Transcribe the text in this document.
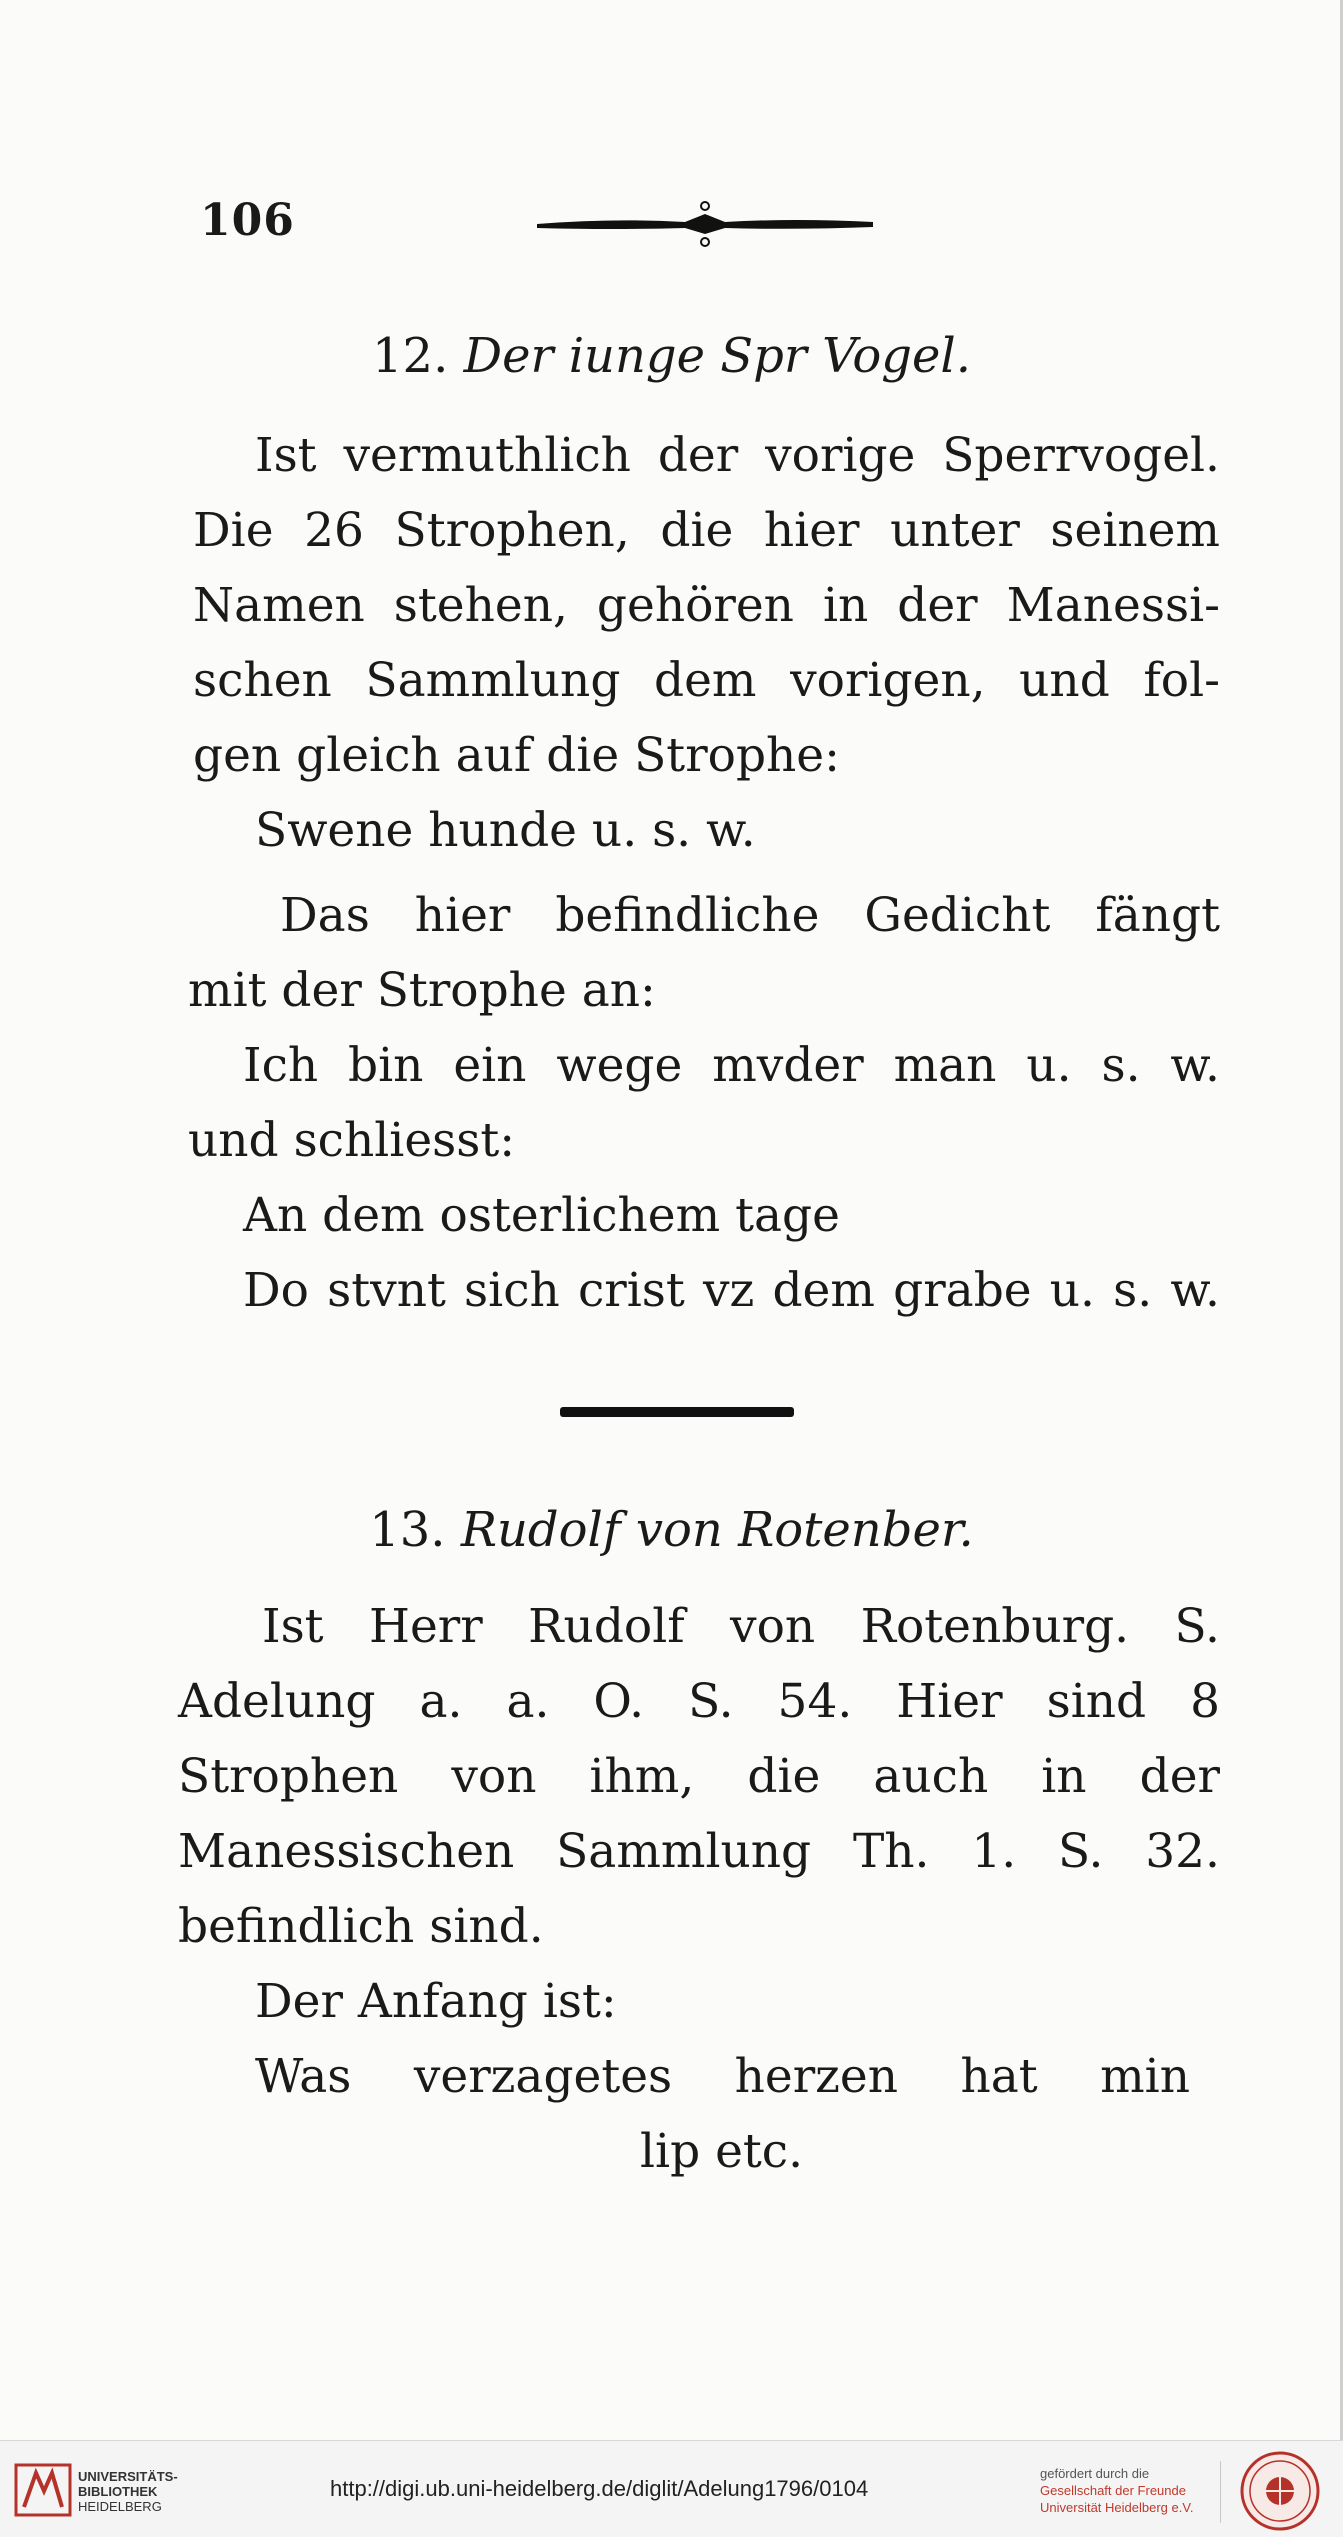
106
12. Der iunge Spr Vogel.
Ist vermuthlich der vorige Sperrvogel.
Die 26 Strophen, die hier unter seinem
Namen stehen, gehören in der Manessi-
schen Sammlung dem vorigen, und fol-
gen gleich auf die Strophe:
Swene hunde u. s. w.
Das hier befindliche Gedicht fängt
mit der Strophe an:
Ich bin ein wege mvder man u. s. w.
und schliesst:
An dem osterlichem tage
Do stvnt sich crist vz dem grabe u. s. w.
13. Rudolf von Rotenber.
Ist Herr Rudolf von Rotenburg. S.
Adelung a. a. O. S. 54. Hier sind 8
Strophen von ihm, die auch in der
Manessischen Sammlung Th. 1. S. 32.
befindlich sind.
Der Anfang ist:
Was verzagetes herzen hat min
lip etc.
UNIVERSITÄTS-
BIBLIOTHEK
HEIDELBERG
http://digi.ub.uni-heidelberg.de/diglit/Adelung1796/0104
gefördert durch die
Gesellschaft der Freunde
Universität Heidelberg e.V.
